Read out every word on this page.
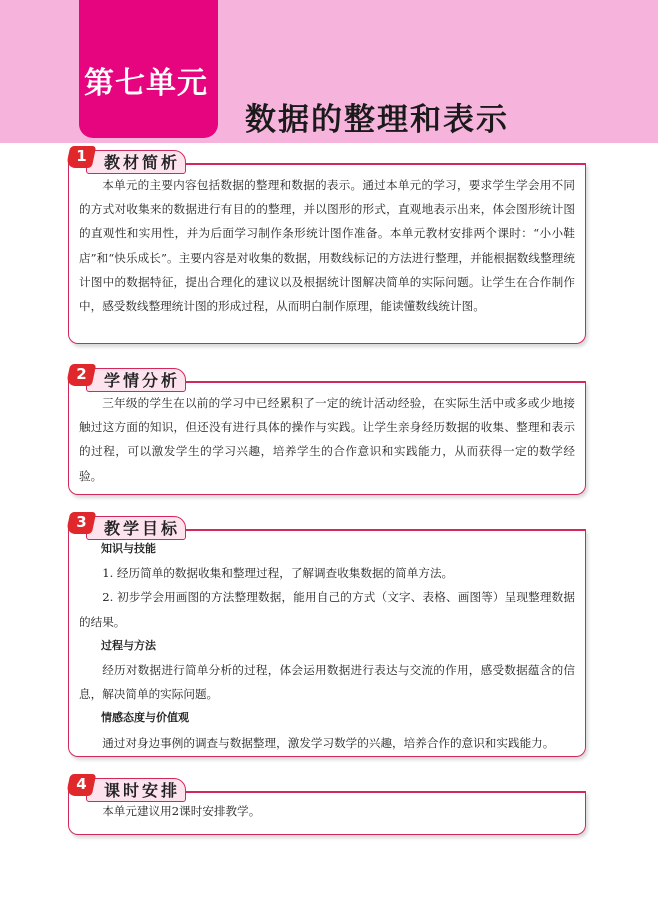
第七单元
数据的整理和表示

本单元的主要内容包括数据的整理和数据的表示。通过本单元的学习，要求学生学会用不同的方式对收集来的数据进行有目的的整理，并以图形的形式，直观地表示出来，体会图形统计图的直观性和实用性，并为后面学习制作条形统计图作准备。本单元教材安排两个课时：“小小鞋店”和“快乐成长”。主要内容是对收集的数据，用数线标记的方法进行整理，并能根据数线整理统计图中的数据特征，提出合理化的建议以及根据统计图解决简单的实际问题。让学生在合作制作中，感受数线整理统计图的形成过程，从而明白制作原理，能读懂数线统计图。

1	教材简析

三年级的学生在以前的学习中已经累积了一定的统计活动经验，在实际生活中或多或少地接触过这方面的知识，但还没有进行具体的操作与实践。让学生亲身经历数据的收集、整理和表示的过程，可以激发学生的学习兴趣，培养学生的合作意识和实践能力，从而获得一定的数学经验。

2	学情分析

知识与技能

1. 经历简单的数据收集和整理过程，了解调查收集数据的简单方法。

2. 初步学会用画图的方法整理数据，能用自己的方式（文字、表格、画图等）呈现整理数据的结果。

过程与方法

经历对数据进行简单分析的过程，体会运用数据进行表达与交流的作用，感受数据蕴含的信息，解决简单的实际问题。

情感态度与价值观

通过对身边事例的调查与数据整理，激发学习数学的兴趣，培养合作的意识和实践能力。

3	教学目标

本单元建议用2课时安排教学。

4	课时安排
